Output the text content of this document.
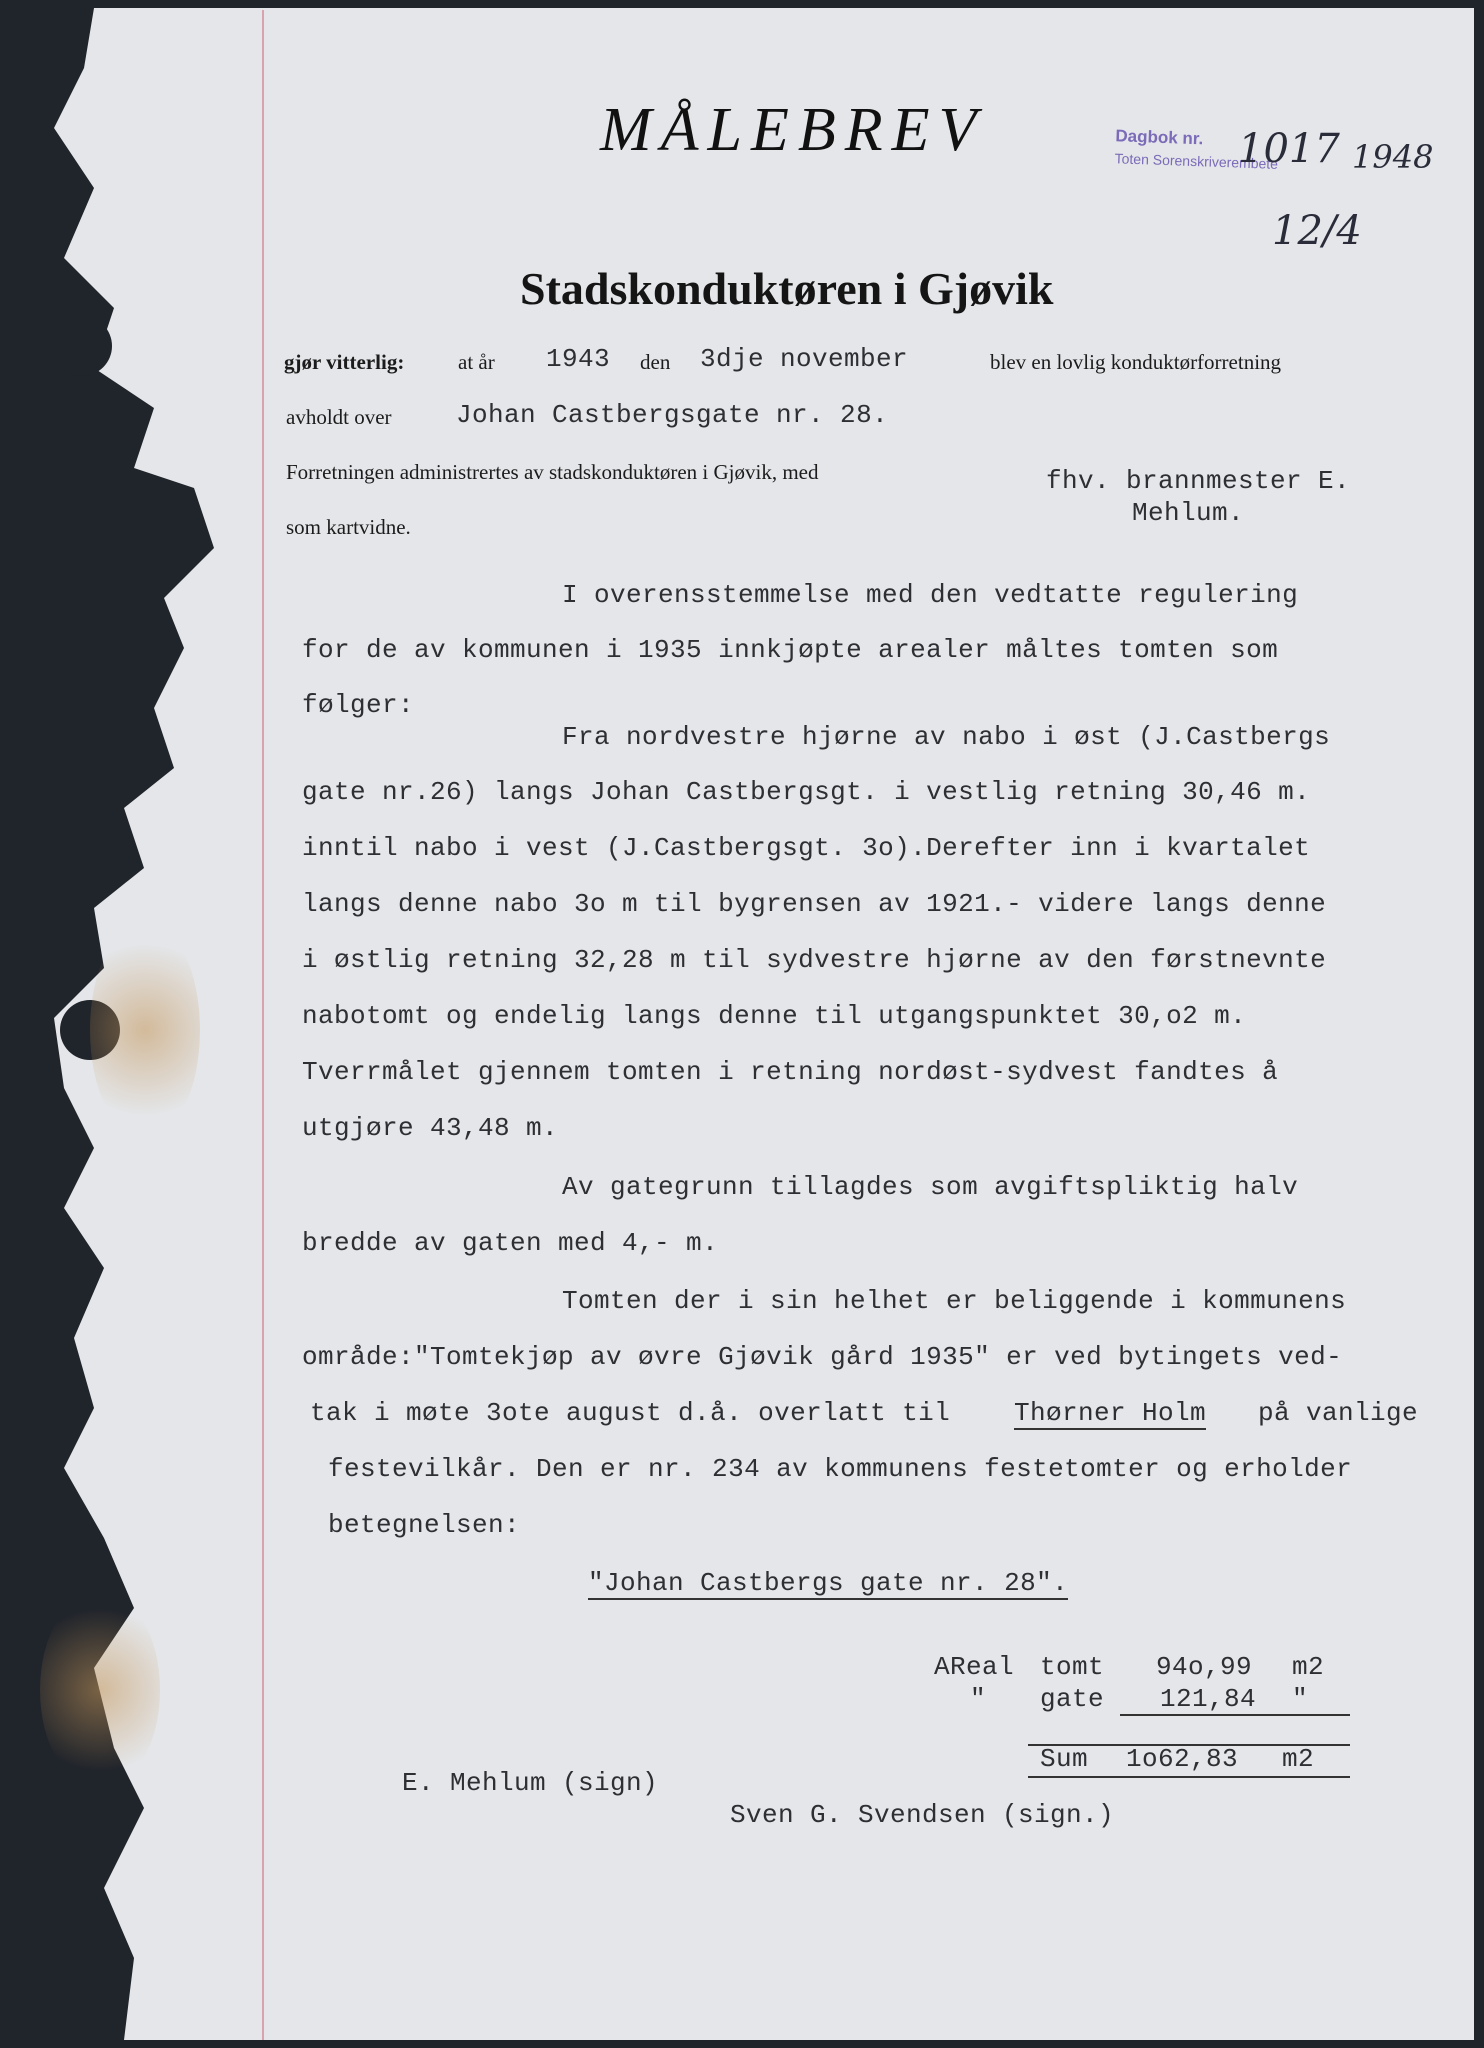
MÅLEBREV	Dagbok nr.
Toten Sorenskriverembete
1017 1948
12/4
Stadskonduktøren i Gjøvik
gjør vitterlig:	at år 1943 den 3dje november	blev en lovlig konduktørforretning
avholdt over Johan Castbergsgate nr. 28.
Forretningen administrertes av stadskonduktøren i Gjøvik, med
som kartvidne.
fhv. brannmester E.
Mehlum.
I overensstemmelse med den vedtatte regulering
for de av kommunen i 1935 innkjøpte arealer måltes tomten som
følger:
Fra nordvestre hjørne av nabo i øst (J.Castbergs
gate nr.26) langs Johan Castbergsgt. i vestlig retning 30,46 m.
inntil nabo i vest (J.Castbergsgt. 3o).Derefter inn i kvartalet
langs denne nabo 3o m til bygrensen av 1921.- videre langs denne
i østlig retning 32,28 m til sydvestre hjørne av den førstnevnte
nabotomt og endelig langs denne til utgangspunktet 30,o2 m.
Tverrmålet gjennem tomten i retning nordøst-sydvest fandtes å
utgjøre 43,48 m.
Av gategrunn tillagdes som avgiftspliktig halv
bredde av gaten med 4,- m.
Tomten der i sin helhet er beliggende i kommunens
område:"Tomtekjøp av øvre Gjøvik gård 1935" er ved bytingets ved-
tak i møte 3ote august d.å. overlatt til Thørner Holm på vanlige
festevilkår. Den er nr. 234 av kommunens festetomter og erholder
betegnelsen:
"Johan Castbergs gate nr. 28".
AReal tomt 94o,99 m2
" gate 121,84 "
Sum 1o62,83 m2
E. Mehlum (sign)
Sven G. Svendsen (sign.)
